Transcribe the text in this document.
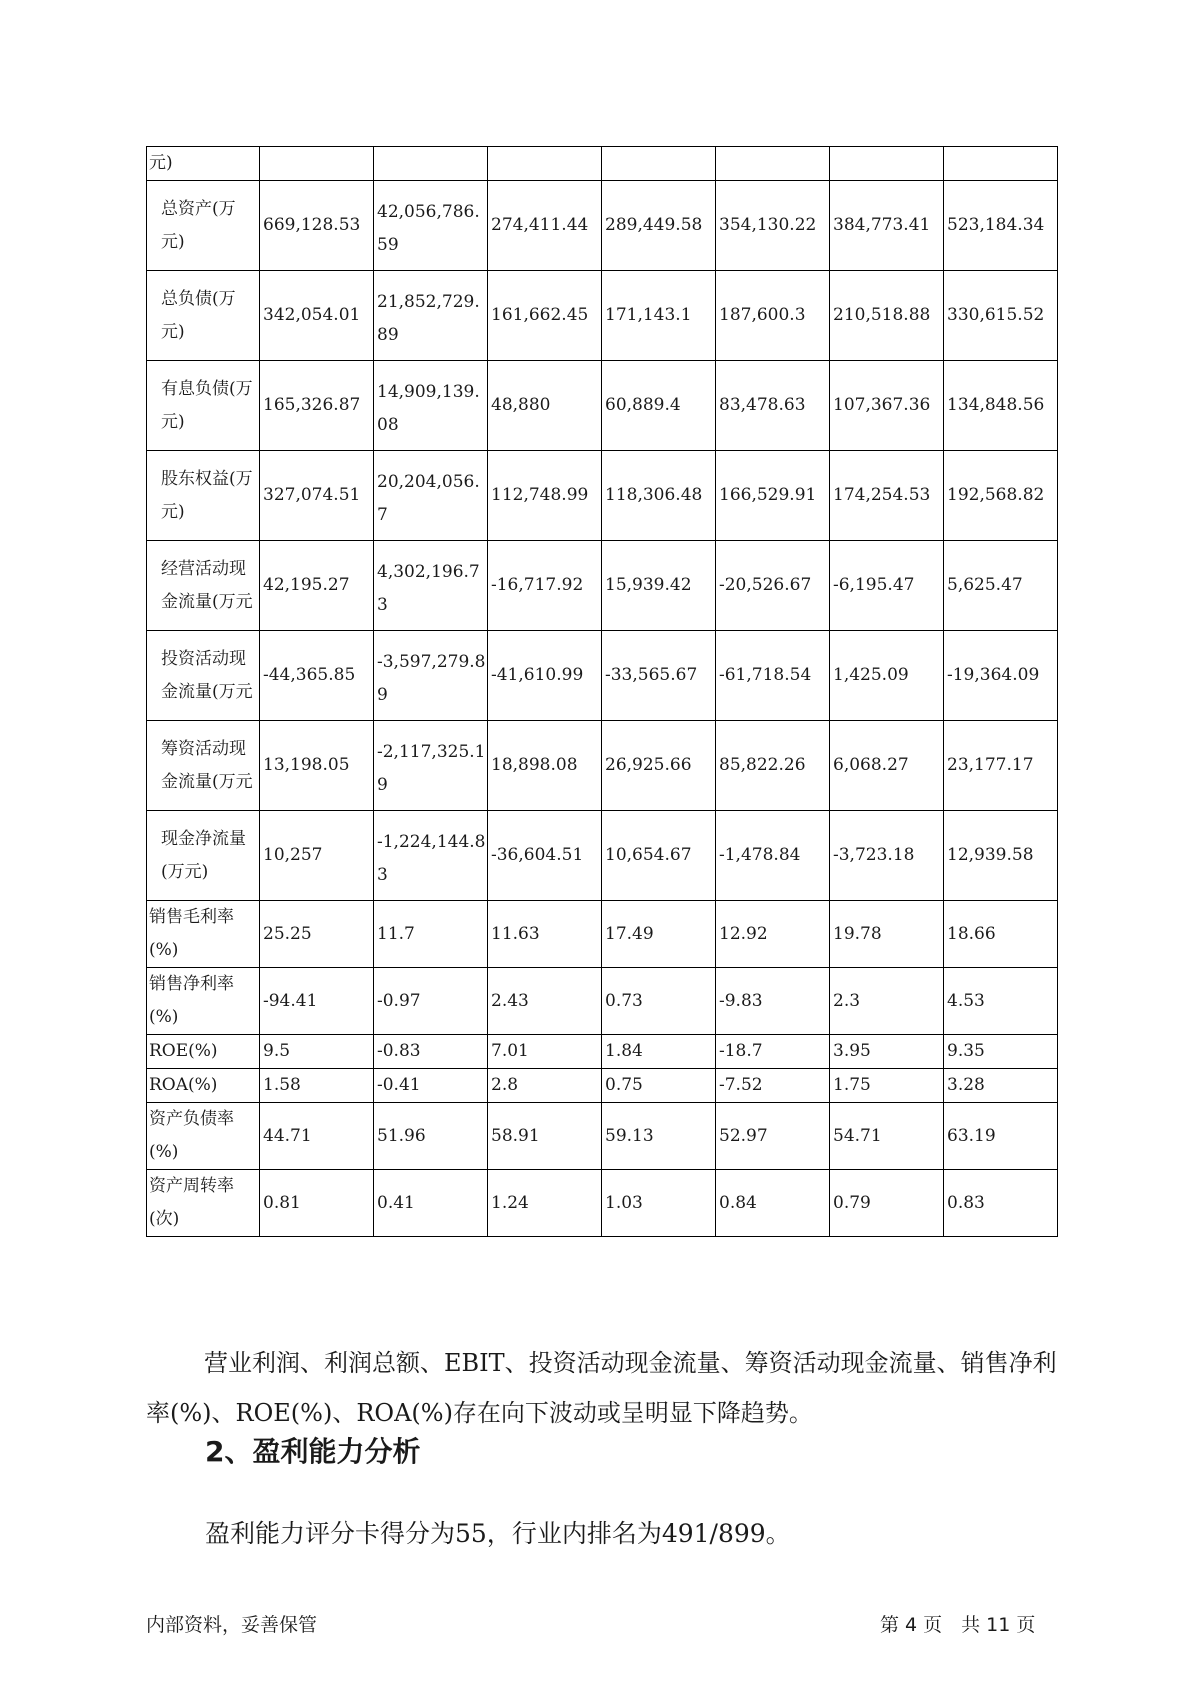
元)							
总资产(万元)	669,128.53	42,056,786.59	274,411.44	289,449.58	354,130.22	384,773.41	523,184.34
总负债(万元)	342,054.01	21,852,729.89	161,662.45	171,143.1	187,600.3	210,518.88	330,615.52
有息负债(万元)	165,326.87	14,909,139.08	48,880	60,889.4	83,478.63	107,367.36	134,848.56
股东权益(万元)	327,074.51	20,204,056.7	112,748.99	118,306.48	166,529.91	174,254.53	192,568.82
经营活动现金流量(万元	42,195.27	4,302,196.73	-16,717.92	15,939.42	-20,526.67	-6,195.47	5,625.47
投资活动现金流量(万元	-44,365.85	-3,597,279.89	-41,610.99	-33,565.67	-61,718.54	1,425.09	-19,364.09
筹资活动现金流量(万元	13,198.05	-2,117,325.19	18,898.08	26,925.66	85,822.26	6,068.27	23,177.17
现金净流量(万元)	10,257	-1,224,144.83	-36,604.51	10,654.67	-1,478.84	-3,723.18	12,939.58
销售毛利率(%)	25.25	11.7	11.63	17.49	12.92	19.78	18.66
销售净利率(%)	-94.41	-0.97	2.43	0.73	-9.83	2.3	4.53
ROE(%)	9.5	-0.83	7.01	1.84	-18.7	3.95	9.35
ROA(%)	1.58	-0.41	2.8	0.75	-7.52	1.75	3.28
资产负债率(%)	44.71	51.96	58.91	59.13	52.97	54.71	63.19
资产周转率(次)	0.81	0.41	1.24	1.03	0.84	0.79	0.83

营业利润、利润总额、EBIT、投资活动现金流量、筹资活动现金流量、销售净利率(%)、ROE(%)、ROA(%)存在向下波动或呈明显下降趋势。

2、盈利能力分析

盈利能力评分卡得分为55，行业内排名为491/899。

内部资料，妥善保管	第 4 页　共 11 页
